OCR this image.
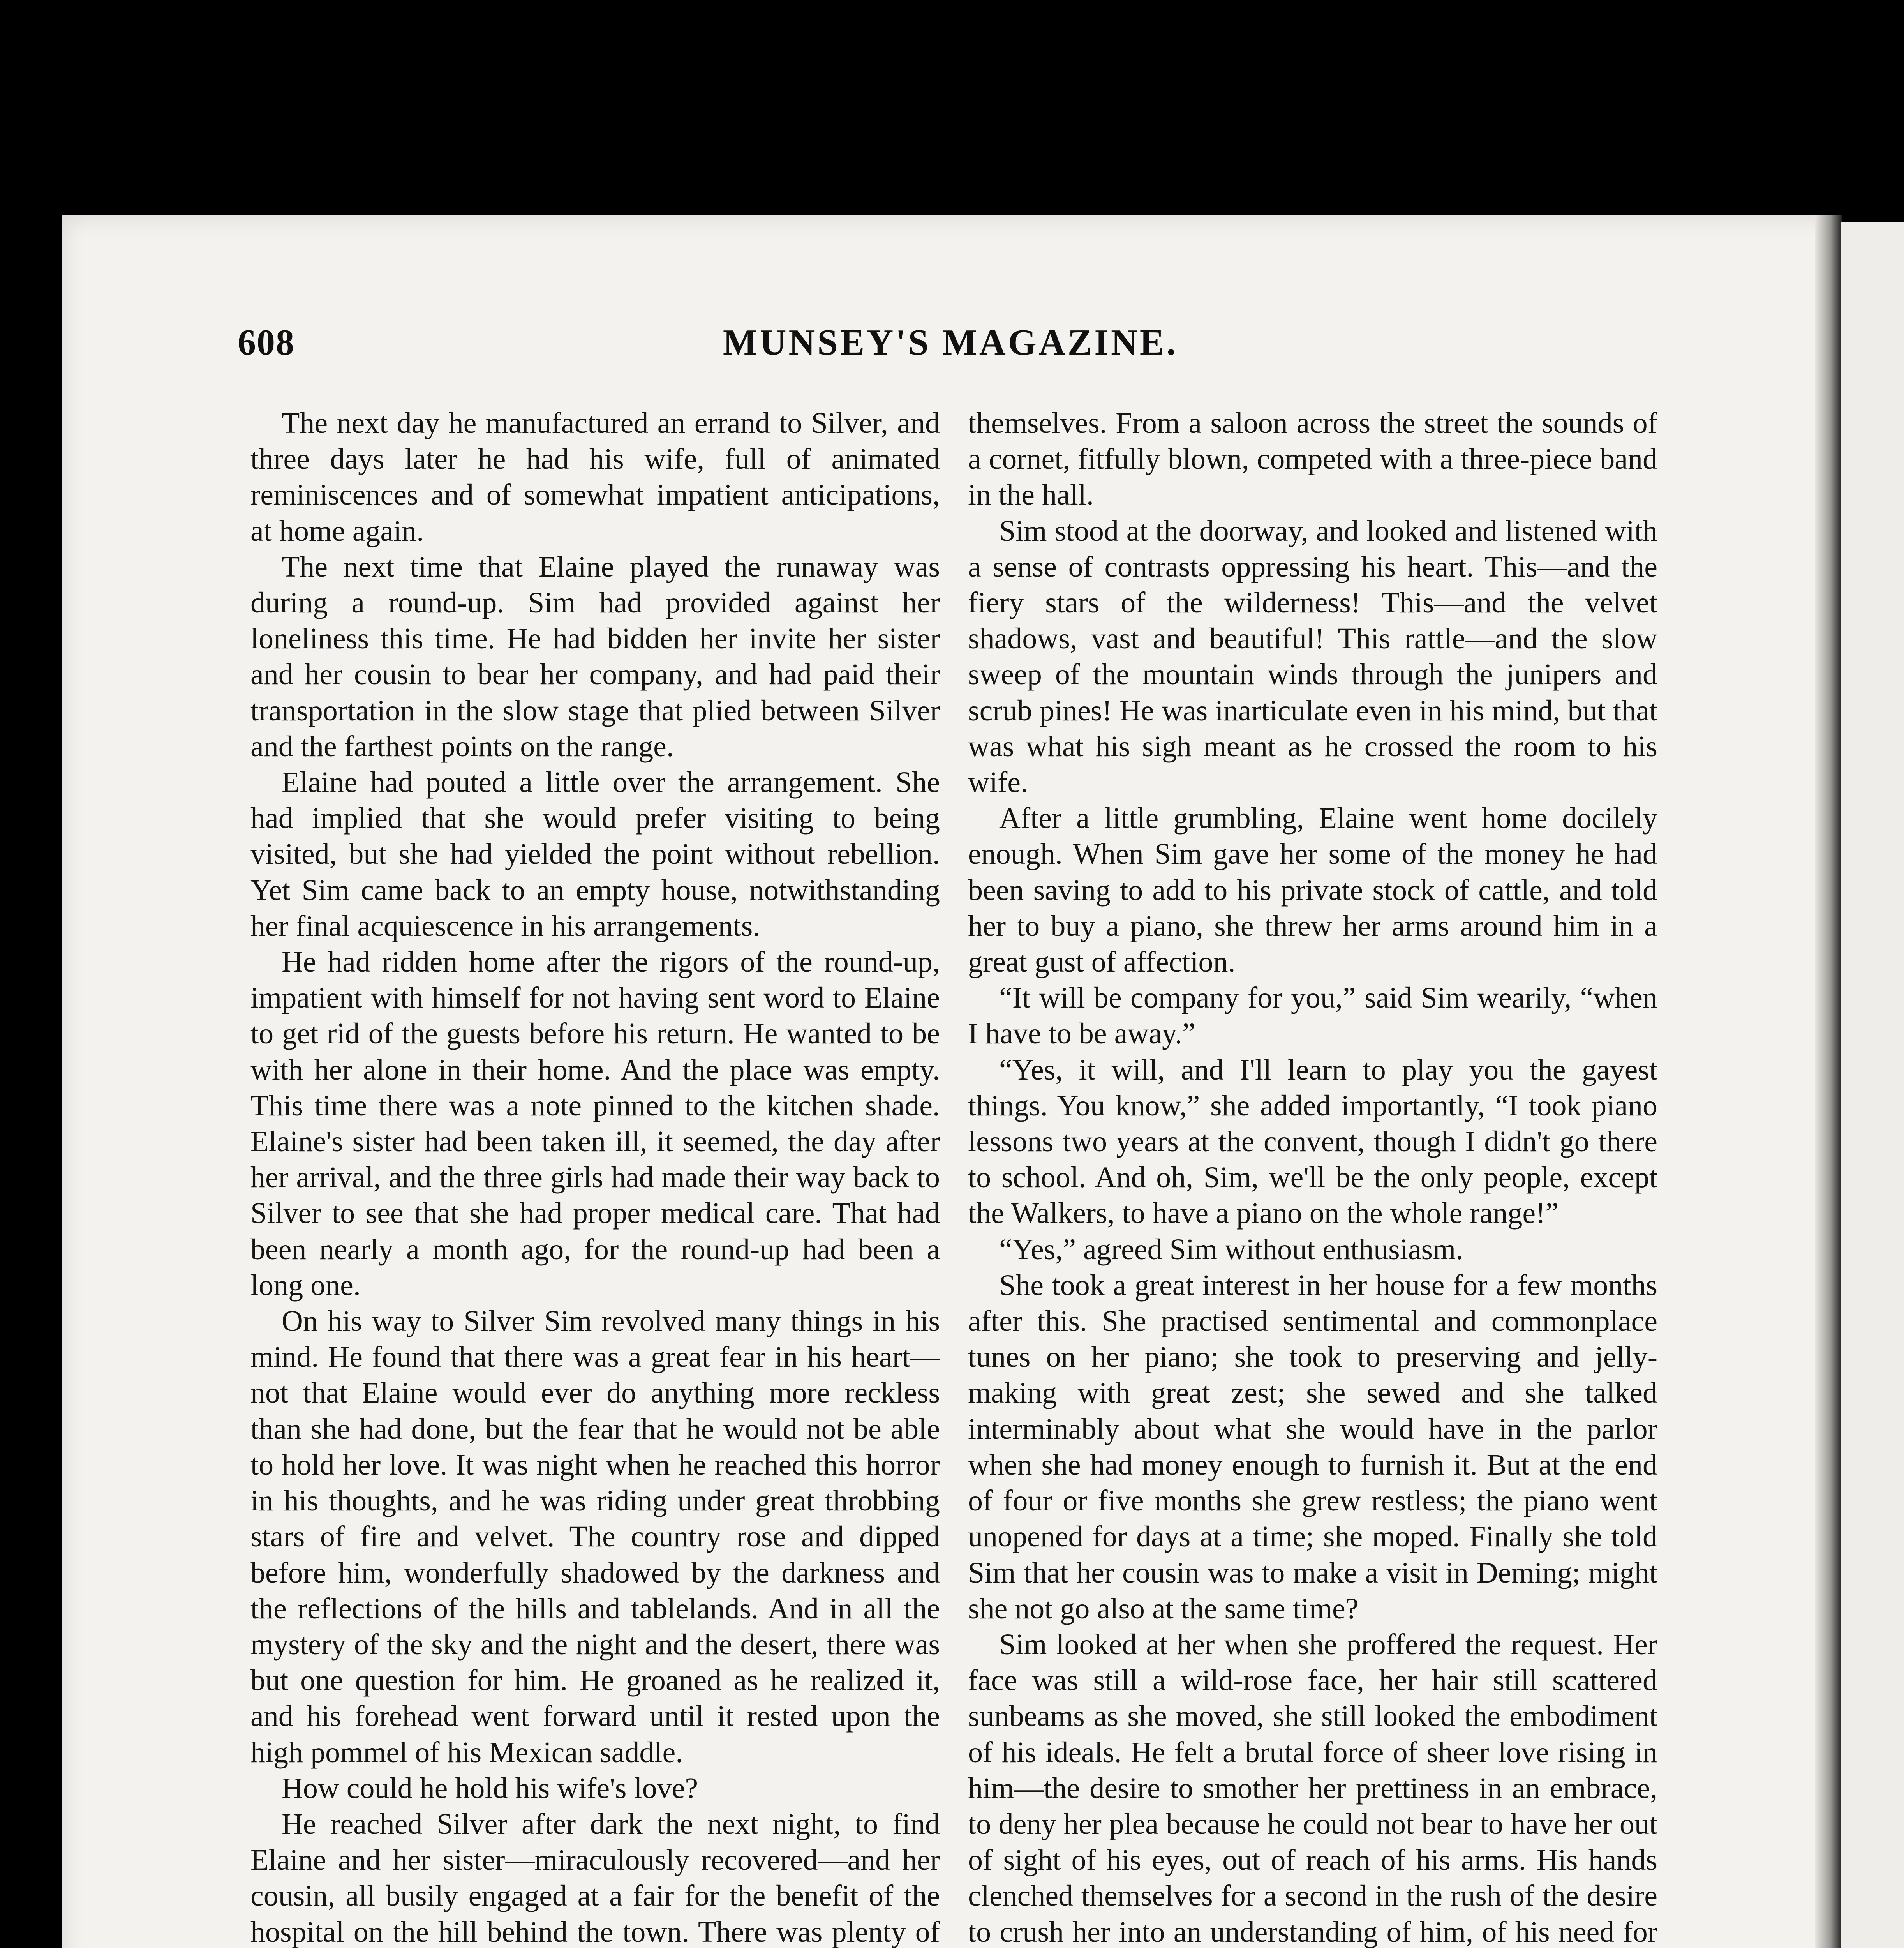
608	MUNSEY'S MAGAZINE.

The next day he manufactured an errand to Silver, and three days later he had his wife, full of animated reminiscences and of somewhat impatient anticipations, at home again.

The next time that Elaine played the runaway was during a round-up. Sim had provided against her loneliness this time. He had bidden her invite her sister and her cousin to bear her company, and had paid their transportation in the slow stage that plied between Silver and the farthest points on the range.

Elaine had pouted a little over the arrangement. She had implied that she would prefer visiting to being visited, but she had yielded the point without rebellion. Yet Sim came back to an empty house, notwithstanding her final acquiescence in his arrangements.

He had ridden home after the rigors of the round-up, impatient with himself for not having sent word to Elaine to get rid of the guests before his return. He wanted to be with her alone in their home. And the place was empty. This time there was a note pinned to the kitchen shade. Elaine's sister had been taken ill, it seemed, the day after her arrival, and the three girls had made their way back to Silver to see that she had proper medical care. That had been nearly a month ago, for the round-up had been a long one.

On his way to Silver Sim revolved many things in his mind. He found that there was a great fear in his heart—not that Elaine would ever do anything more reckless than she had done, but the fear that he would not be able to hold her love. It was night when he reached this horror in his thoughts, and he was riding under great throbbing stars of fire and velvet. The country rose and dipped before him, wonderfully shadowed by the darkness and the reflections of the hills and tablelands. And in all the mystery of the sky and the night and the desert, there was but one question for him. He groaned as he realized it, and his forehead went forward until it rested upon the high pommel of his Mexican saddle.

How could he hold his wife's love?

He reached Silver after dark the next night, to find Elaine and her sister—miraculously recovered—and her cousin, all busily engaged at a fair for the benefit of the hospital on the hill behind the town. There was plenty of

themselves. From a saloon across the street the sounds of a cornet, fitfully blown, competed with a three-piece band in the hall.

Sim stood at the doorway, and looked and listened with a sense of contrasts oppressing his heart. This—and the fiery stars of the wilderness! This—and the velvet shadows, vast and beautiful! This rattle—and the slow sweep of the mountain winds through the junipers and scrub pines! He was inarticulate even in his mind, but that was what his sigh meant as he crossed the room to his wife.

After a little grumbling, Elaine went home docilely enough. When Sim gave her some of the money he had been saving to add to his private stock of cattle, and told her to buy a piano, she threw her arms around him in a great gust of affection.

“It will be company for you,” said Sim wearily, “when I have to be away.”

“Yes, it will, and I'll learn to play you the gayest things. You know,” she added importantly, “I took piano lessons two years at the convent, though I didn't go there to school. And oh, Sim, we'll be the only people, except the Walkers, to have a piano on the whole range!”

“Yes,” agreed Sim without enthusiasm.

She took a great interest in her house for a few months after this. She practised sentimental and commonplace tunes on her piano; she took to preserving and jelly-making with great zest; she sewed and she talked interminably about what she would have in the parlor when she had money enough to furnish it. But at the end of four or five months she grew restless; the piano went unopened for days at a time; she moped. Finally she told Sim that her cousin was to make a visit in Deming; might she not go also at the same time?

Sim looked at her when she proffered the request. Her face was still a wild-rose face, her hair still scattered sunbeams as she moved, she still looked the embodiment of his ideals. He felt a brutal force of sheer love rising in him—the desire to smother her prettiness in an embrace, to deny her plea because he could not bear to have her out of sight of his eyes, out of reach of his arms. His hands clenched themselves for a second in the rush of the desire to crush her into an understanding of him, of his need for
